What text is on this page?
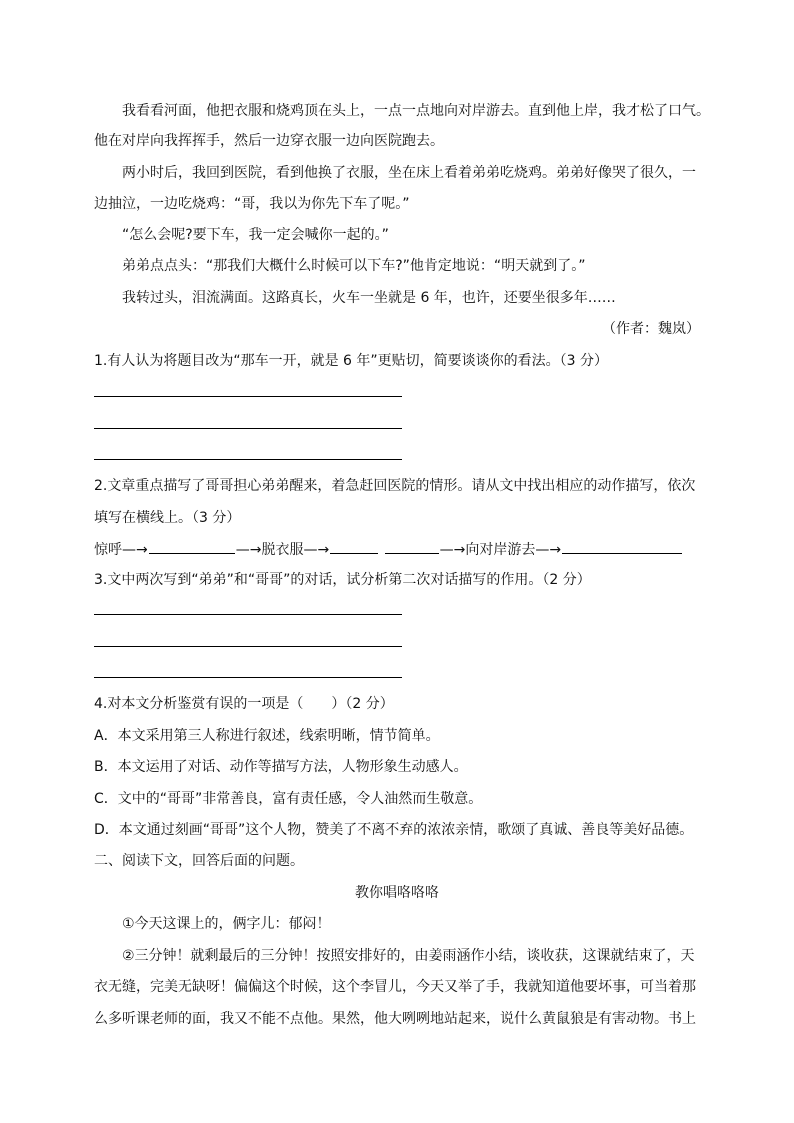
我看看河面，他把衣服和烧鸡顶在头上，一点一点地向对岸游去。直到他上岸，我才松了口气。
他在对岸向我挥挥手，然后一边穿衣服一边向医院跑去。
两小时后，我回到医院，看到他换了衣服，坐在床上看着弟弟吃烧鸡。弟弟好像哭了很久，一
边抽泣，一边吃烧鸡：“哥，我以为你先下车了呢。”
“怎么会呢?要下车，我一定会喊你一起的。”
弟弟点点头：“那我们大概什么时候可以下车?”他肯定地说：“明天就到了。”
我转过头，泪流满面。这路真长，火车一坐就是 6 年，也许，还要坐很多年……
（作者：魏岚）
1.有人认为将题目改为“那车一开，就是 6 年”更贴切，简要谈谈你的看法。（3 分）
2.文章重点描写了哥哥担心弟弟醒来，着急赶回医院的情形。请从文中找出相应的动作描写，依次
填写在横线上。（3 分）
惊呼—→	—→脱衣服—→	—→向对岸游去—→
3.文中两次写到“弟弟”和“哥哥”的对话，试分析第二次对话描写的作用。（2 分）
4.对本文分析鉴赏有误的一项是（　　）（2 分）
A．本文采用第三人称进行叙述，线索明晰，情节简单。
B．本文运用了对话、动作等描写方法，人物形象生动感人。
C．文中的“哥哥”非常善良，富有责任感，令人油然而生敬意。
D．本文通过刻画“哥哥”这个人物，赞美了不离不弃的浓浓亲情，歌颂了真诚、善良等美好品德。
二、阅读下文，回答后面的问题。
教你唱咯咯咯
①今天这课上的，俩字儿：郁闷！
②三分钟！就剩最后的三分钟！按照安排好的，由姜雨涵作小结，谈收获，这课就结束了，天
衣无缝，完美无缺呀！偏偏这个时候，这个李冒儿，今天又举了手，我就知道他要坏事，可当着那
么多听课老师的面，我又不能不点他。果然，他大咧咧地站起来，说什么黄鼠狼是有害动物。书上
